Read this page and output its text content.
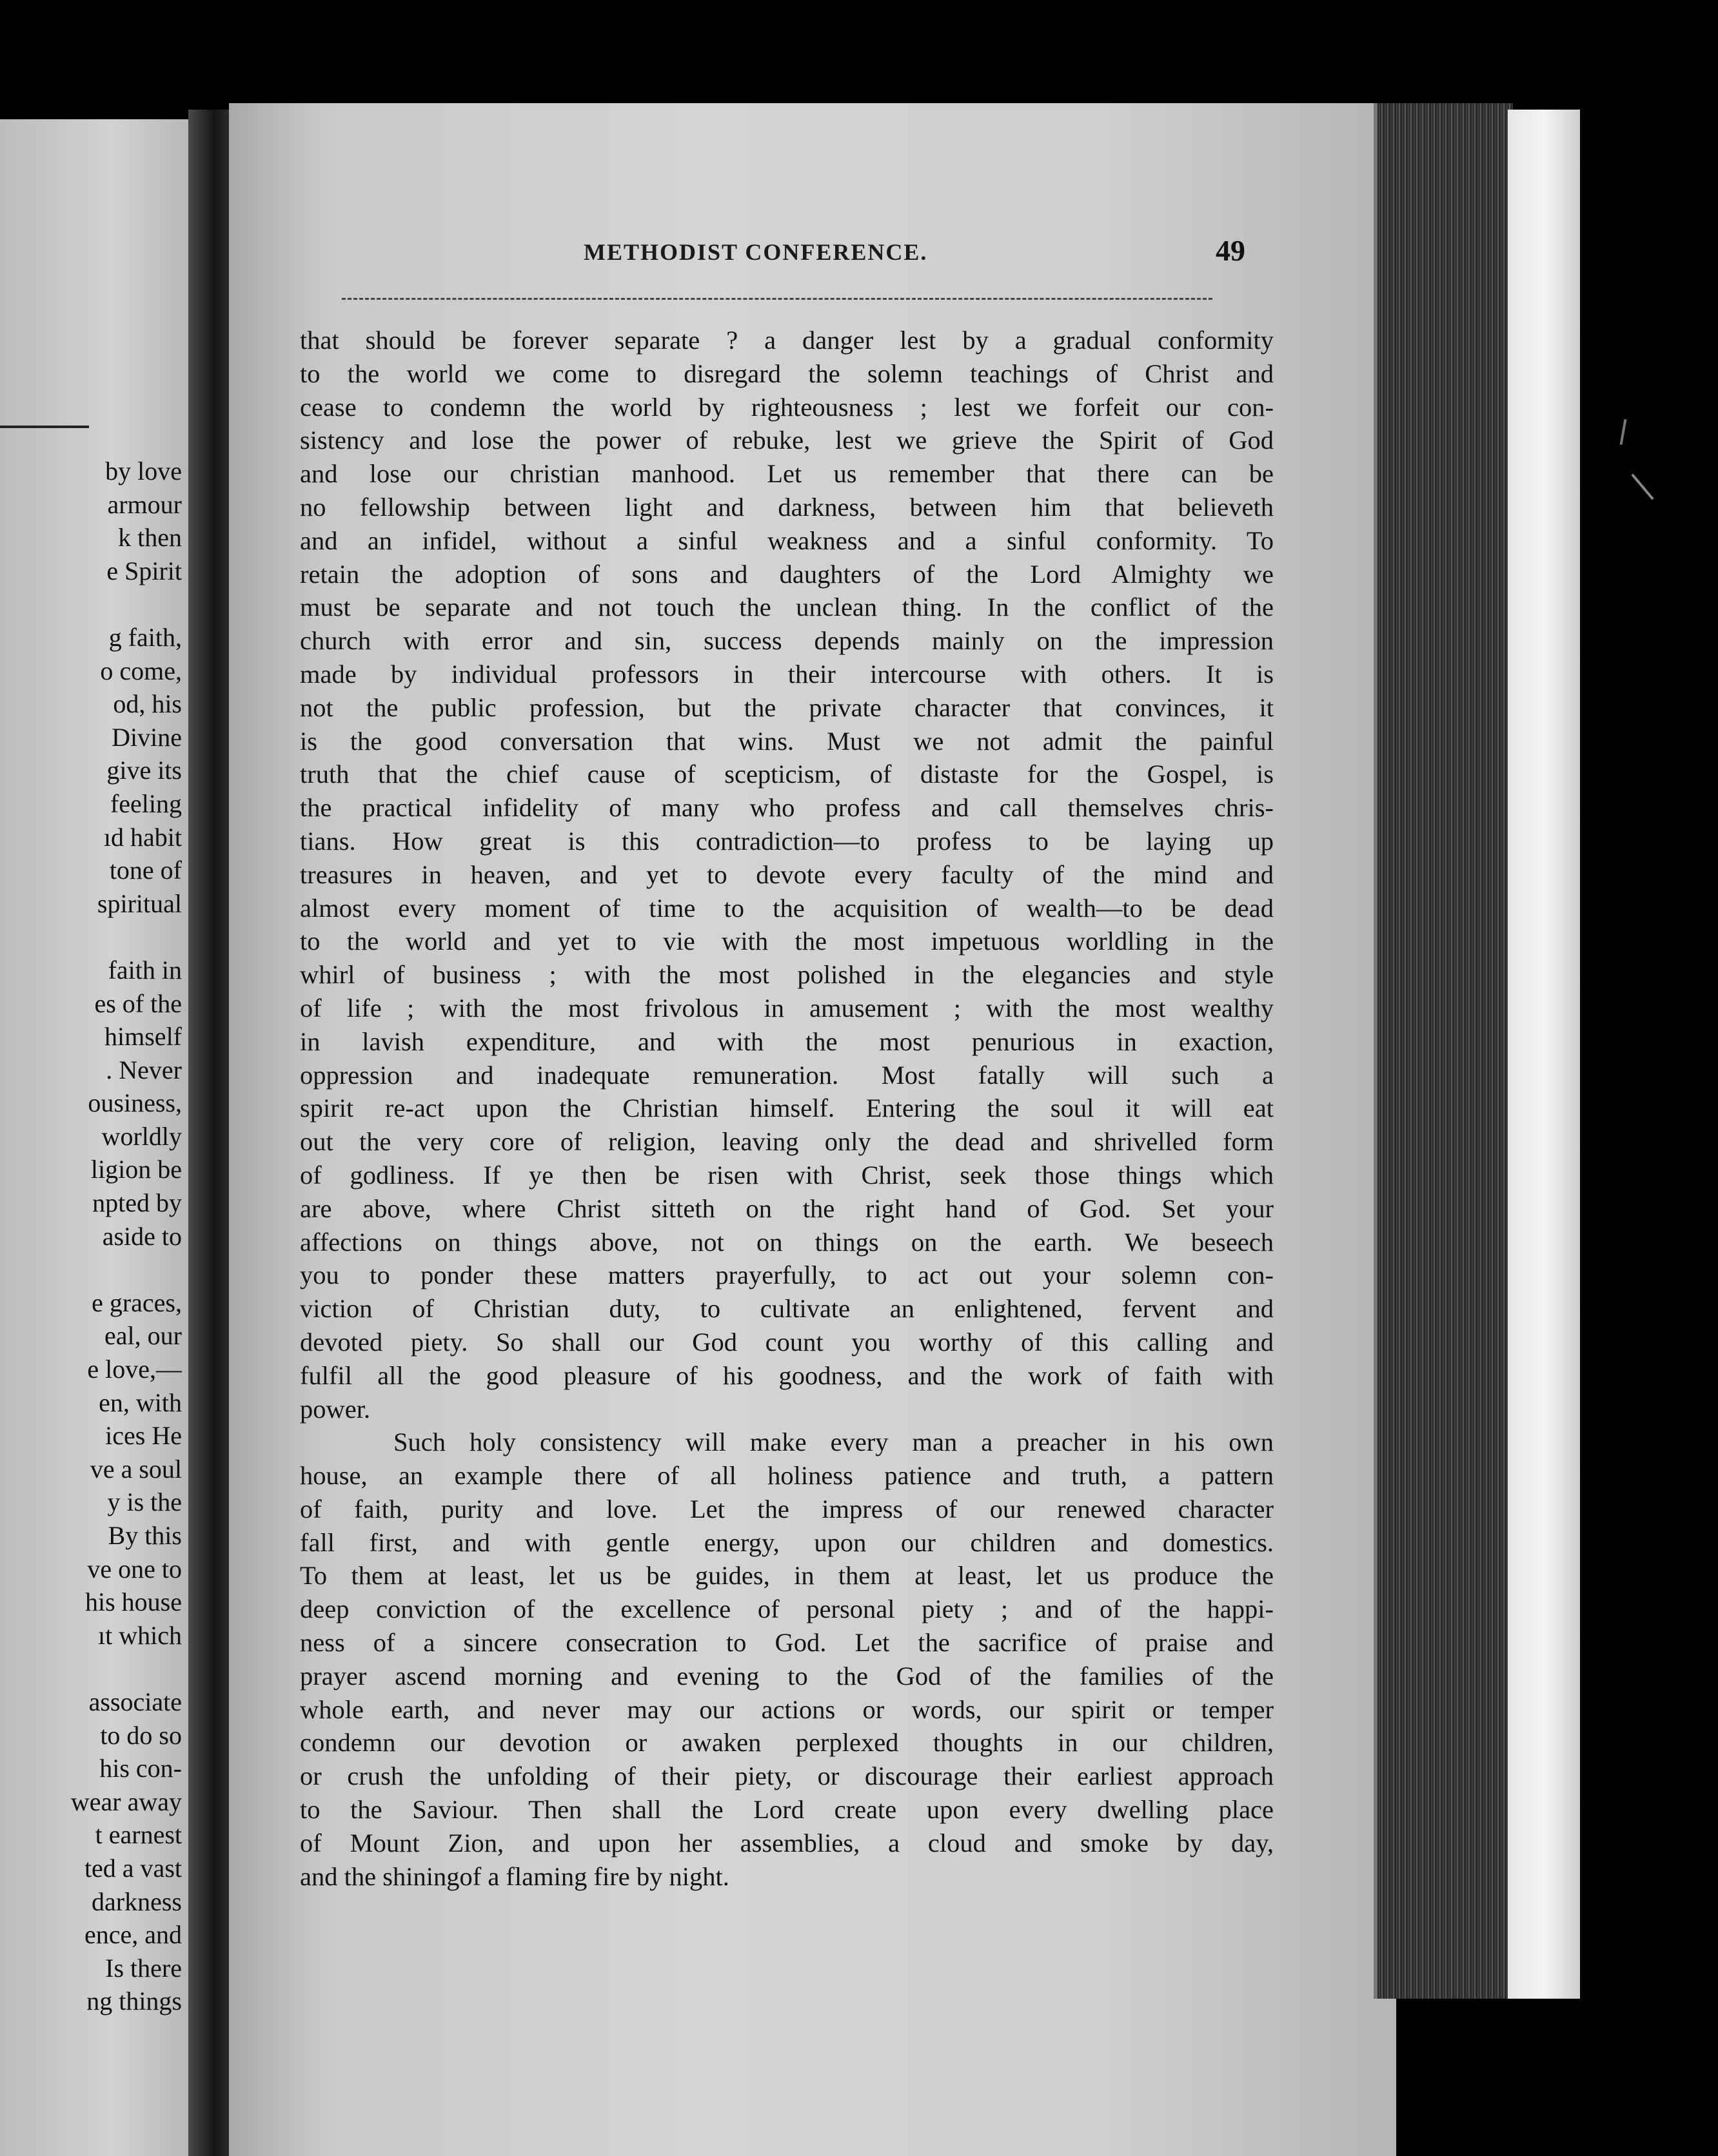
by love
armour
k then
e Spirit
g faith,
o come,
od, his
Divine
give its
feeling
ıd habit
tone of
spiritual
faith in
es of the
himself
. Never
ousiness,
worldly
ligion be
npted by
aside to
e graces,
eal, our
e love,—
en, with
ices He
ve a soul
y is the
By this
ve one to
his house
ıt which
associate
to do so
his con-
wear away
t earnest
ted a vast
darkness
ence, and
Is there
ng things
METHODIST CONFERENCE.	49
that should be forever separate ? a danger lest by a gradual conformity
to the world we come to disregard the solemn teachings of Christ and
cease to condemn the world by righteousness ; lest we forfeit our con-
sistency and lose the power of rebuke, lest we grieve the Spirit of God
and lose our christian manhood. Let us remember that there can be
no fellowship between light and darkness, between him that believeth
and an infidel, without a sinful weakness and a sinful conformity. To
retain the adoption of sons and daughters of the Lord Almighty we
must be separate and not touch the unclean thing. In the conflict of the
church with error and sin, success depends mainly on the impression
made by individual professors in their intercourse with others. It is
not the public profession, but the private character that convinces, it
is the good conversation that wins. Must we not admit the painful
truth that the chief cause of scepticism, of distaste for the Gospel, is
the practical infidelity of many who profess and call themselves chris-
tians. How great is this contradiction—to profess to be laying up
treasures in heaven, and yet to devote every faculty of the mind and
almost every moment of time to the acquisition of wealth—to be dead
to the world and yet to vie with the most impetuous worldling in the
whirl of business ; with the most polished in the elegancies and style
of life ; with the most frivolous in amusement ; with the most wealthy
in lavish expenditure, and with the most penurious in exaction,
oppression and inadequate remuneration. Most fatally will such a
spirit re-act upon the Christian himself. Entering the soul it will eat
out the very core of religion, leaving only the dead and shrivelled form
of godliness. If ye then be risen with Christ, seek those things which
are above, where Christ sitteth on the right hand of God. Set your
affections on things above, not on things on the earth. We beseech
you to ponder these matters prayerfully, to act out your solemn con-
viction of Christian duty, to cultivate an enlightened, fervent and
devoted piety. So shall our God count you worthy of this calling and
fulfil all the good pleasure of his goodness, and the work of faith with
power.
Such holy consistency will make every man a preacher in his own
house, an example there of all holiness patience and truth, a pattern
of faith, purity and love. Let the impress of our renewed character
fall first, and with gentle energy, upon our children and domestics.
To them at least, let us be guides, in them at least, let us produce the
deep conviction of the excellence of personal piety ; and of the happi-
ness of a sincere consecration to God. Let the sacrifice of praise and
prayer ascend morning and evening to the God of the families of the
whole earth, and never may our actions or words, our spirit or temper
condemn our devotion or awaken perplexed thoughts in our children,
or crush the unfolding of their piety, or discourage their earliest approach
to the Saviour. Then shall the Lord create upon every dwelling place
of Mount Zion, and upon her assemblies, a cloud and smoke by day,
and the shiningof a flaming fire by night.
